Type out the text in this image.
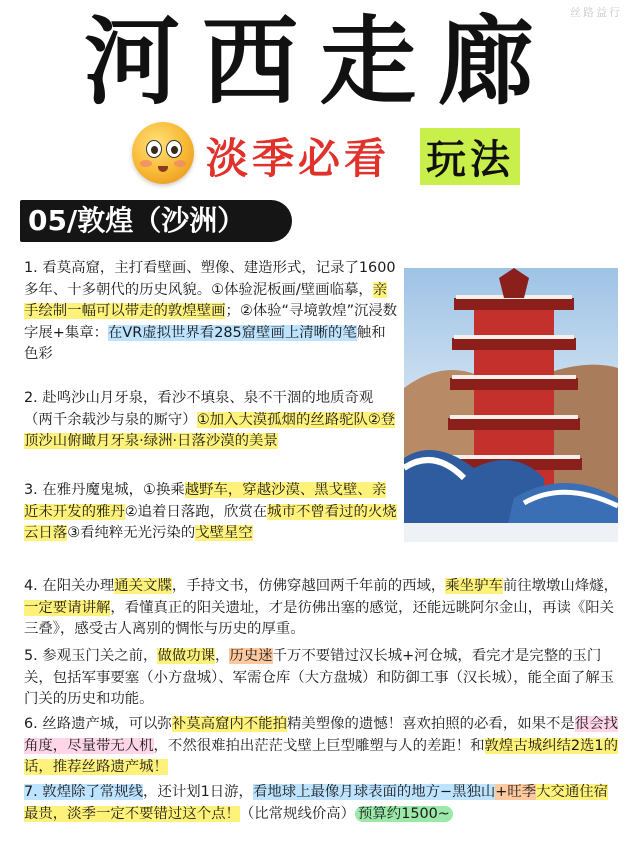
丝路益行
河西走廊
淡季必看 玩法
05/敦煌（沙洲）

1. 看莫高窟，主打看壁画、塑像、建造形式，记录了1600多年、十多朝代的历史风貌。①体验泥板画/壁画临摹，亲手绘制一幅可以带走的敦煌壁画；②体验“寻境敦煌”沉浸数字展+集章：在VR虚拟世界看285窟壁画上清晰的笔触和色彩

2. 赴鸣沙山月牙泉，看沙不填泉、泉不干涸的地质奇观（两千余载沙与泉的厮守）①加入大漠孤烟的丝路驼队②登顶沙山俯瞰月牙泉·绿洲·日落沙漠的美景

3. 在雅丹魔鬼城，①换乘越野车，穿越沙漠、黑戈壁、亲近未开发的雅丹②追着日落跑，欣赏在城市不曾看过的火烧云日落③看纯粹无光污染的戈壁星空

4. 在阳关办理通关文牒，手持文书，仿佛穿越回两千年前的西域，乘坐驴车前往墩墩山烽燧，一定要请讲解，看懂真正的阳关遗址，才是彷佛出塞的感觉，还能远眺阿尔金山，再读《阳关三叠》，感受古人离别的惆怅与历史的厚重。

5. 参观玉门关之前，做做功课，历史迷千万不要错过汉长城+河仓城，看完才是完整的玉门关，包括军事要塞（小方盘城）、军需仓库（大方盘城）和防御工事（汉长城），能全面了解玉门关的历史和功能。

6. 丝路遗产城，可以弥补莫高窟内不能拍精美塑像的遗憾！喜欢拍照的必看，如果不是很会找角度，尽量带无人机，不然很难拍出茫茫戈壁上巨型雕塑与人的差距！和敦煌古城纠结2选1的话，推荐丝路遗产城！

7. 敦煌除了常规线，还计划1日游，看地球上最像月球表面的地方−黑独山+旺季大交通住宿最贵，淡季一定不要错过这个点！（比常规线价高） 预算约1500~
